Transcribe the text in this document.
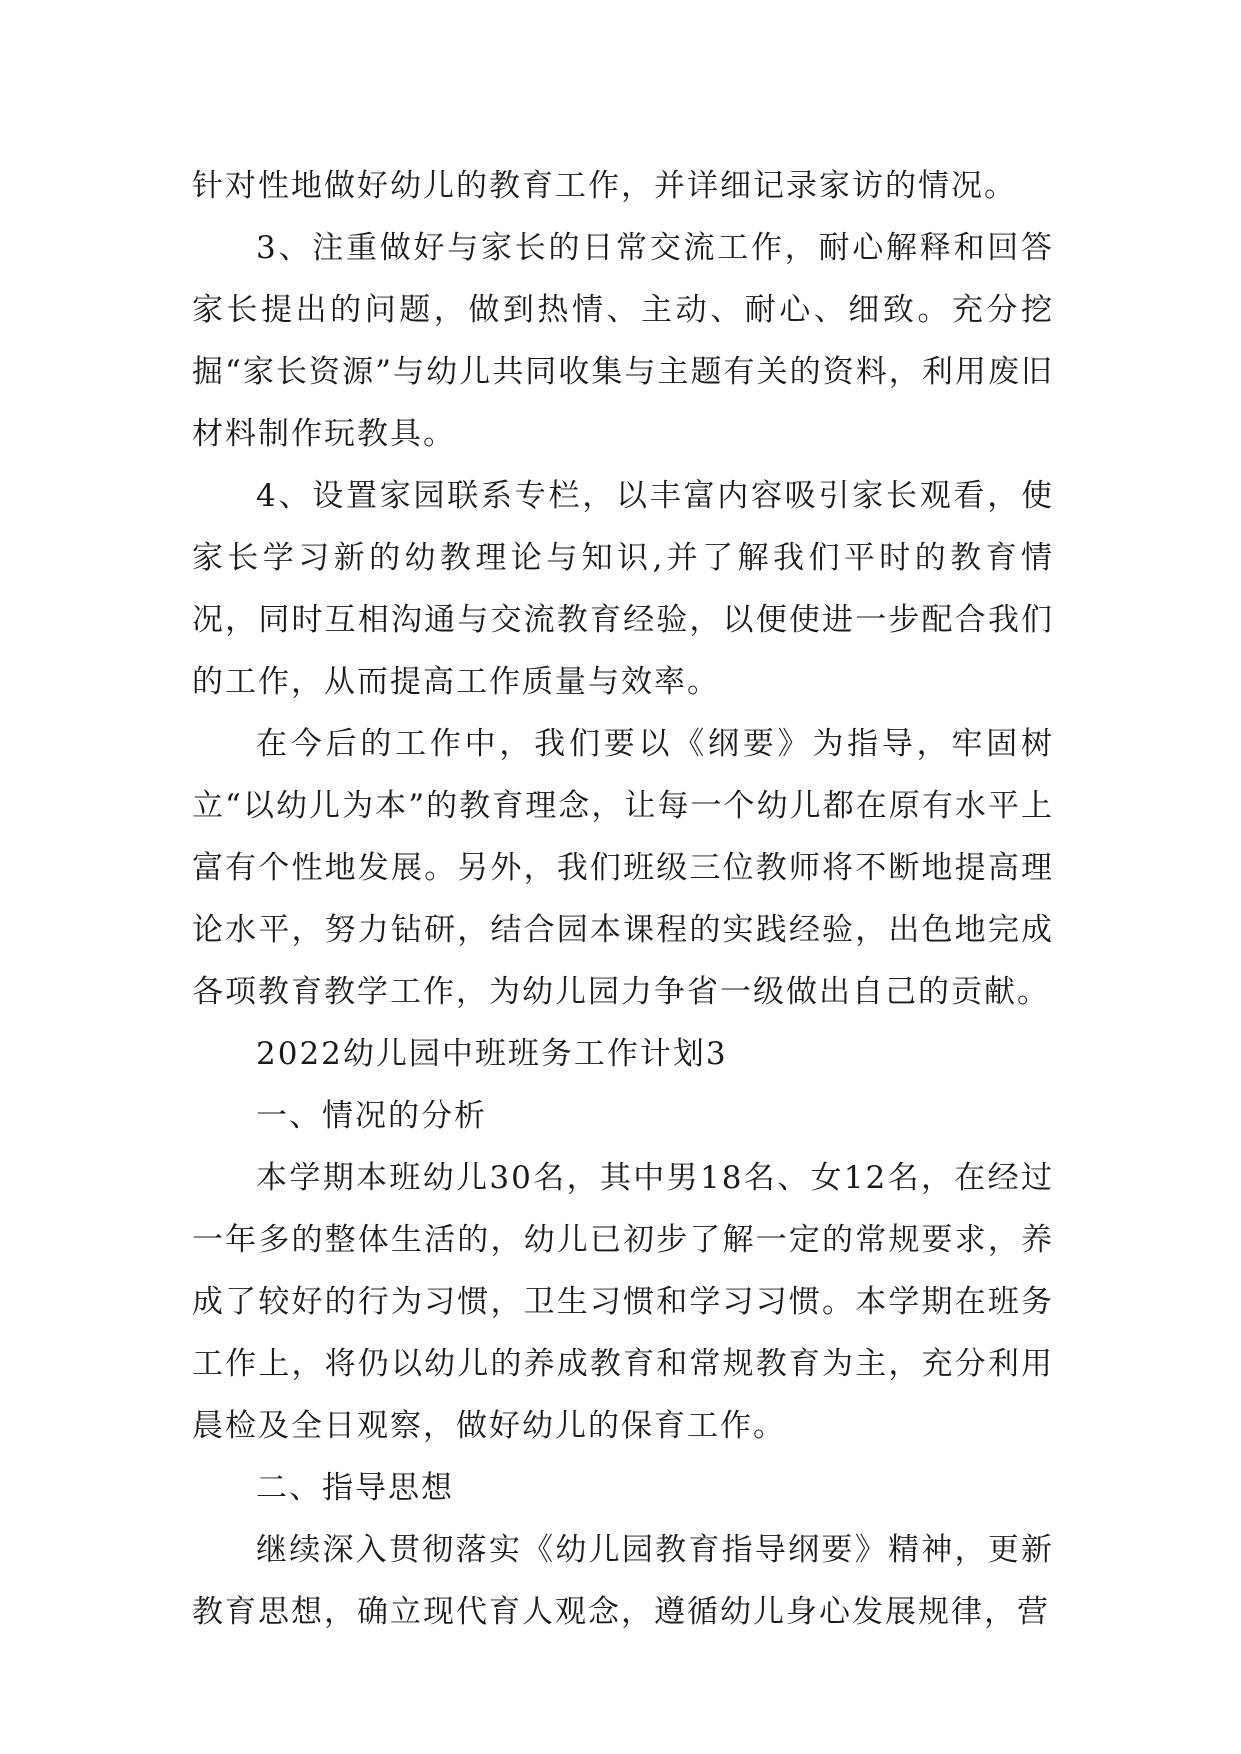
针对性地做好幼儿的教育工作，并详细记录家访的情况。

3、注重做好与家长的日常交流工作，耐心解释和回答家长提出的问题，做到热情、主动、耐心、细致。充分挖掘“家长资源”与幼儿共同收集与主题有关的资料，利用废旧材料制作玩教具。

4、设置家园联系专栏，以丰富内容吸引家长观看，使家长学习新的幼教理论与知识,并了解我们平时的教育情况，同时互相沟通与交流教育经验，以便使进一步配合我们的工作，从而提高工作质量与效率。

在今后的工作中，我们要以《纲要》为指导，牢固树立“以幼儿为本”的教育理念，让每一个幼儿都在原有水平上富有个性地发展。另外，我们班级三位教师将不断地提高理论水平，努力钻研，结合园本课程的实践经验，出色地完成各项教育教学工作，为幼儿园力争省一级做出自己的贡献。

2022幼儿园中班班务工作计划3

一、情况的分析

本学期本班幼儿30名，其中男18名、女12名，在经过一年多的整体生活的，幼儿已初步了解一定的常规要求，养成了较好的行为习惯，卫生习惯和学习习惯。本学期在班务工作上，将仍以幼儿的养成教育和常规教育为主，充分利用晨检及全日观察，做好幼儿的保育工作。

二、指导思想

继续深入贯彻落实《幼儿园教育指导纲要》精神，更新教育思想，确立现代育人观念，遵循幼儿身心发展规律，营
